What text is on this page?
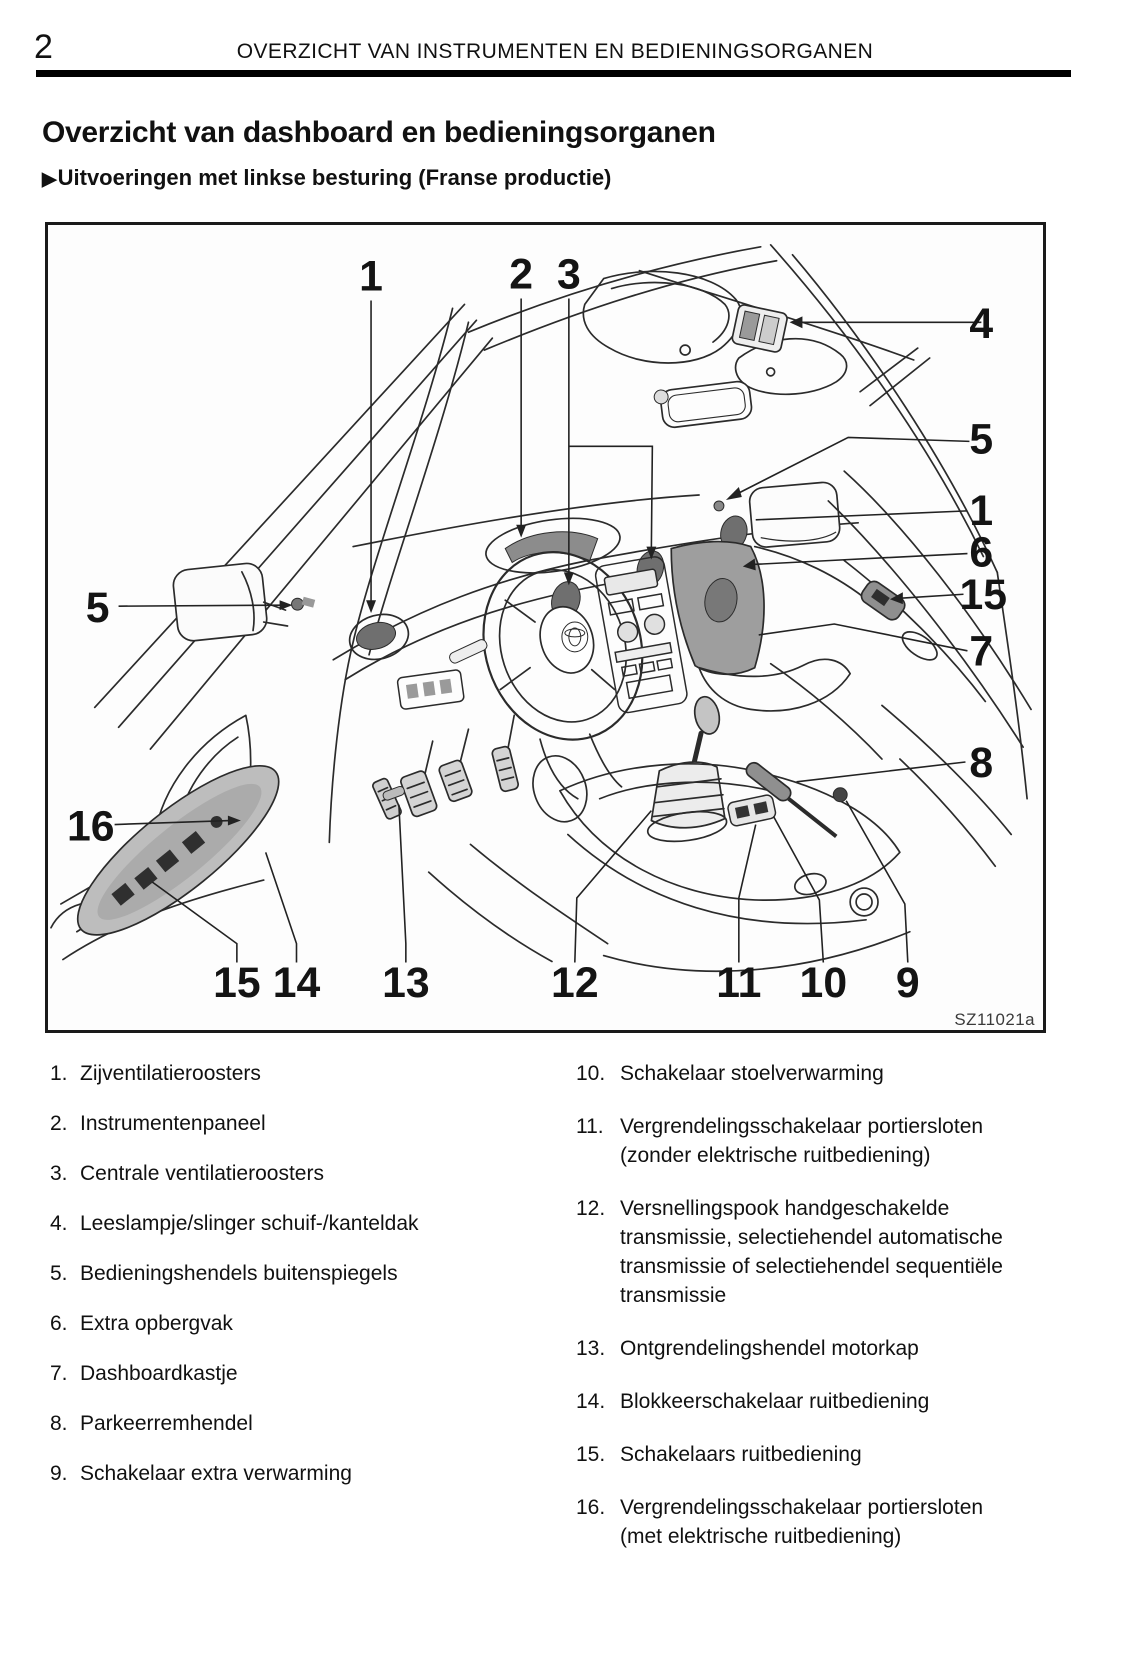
2	OVERZICHT VAN INSTRUMENTEN EN BEDIENINGSORGANEN
Overzicht van dashboard en bedieningsorganen
▶Uitvoeringen met linkse besturing (Franse productie)
1	2 3
4
5
1
6
15
7
8
5
16
15 14 13	12	11 10 9
SZ11021a
1. Zijventilatieroosters
2. Instrumentenpaneel
3. Centrale ventilatieroosters
4. Leeslampje/slinger schuif-/kanteldak
5. Bedieningshendels buitenspiegels
6. Extra opbergvak
7. Dashboardkastje
8. Parkeerremhendel
9. Schakelaar extra verwarming
10. Schakelaar stoelverwarming
11. Vergrendelingsschakelaar portiersloten
(zonder elektrische ruitbediening)
12. Versnellingspook handgeschakelde
transmissie, selectiehendel automatische
transmissie of selectiehendel sequentiële
transmissie
13. Ontgrendelingshendel motorkap
14. Blokkeerschakelaar ruitbediening
15. Schakelaars ruitbediening
16. Vergrendelingsschakelaar portiersloten
(met elektrische ruitbediening)
